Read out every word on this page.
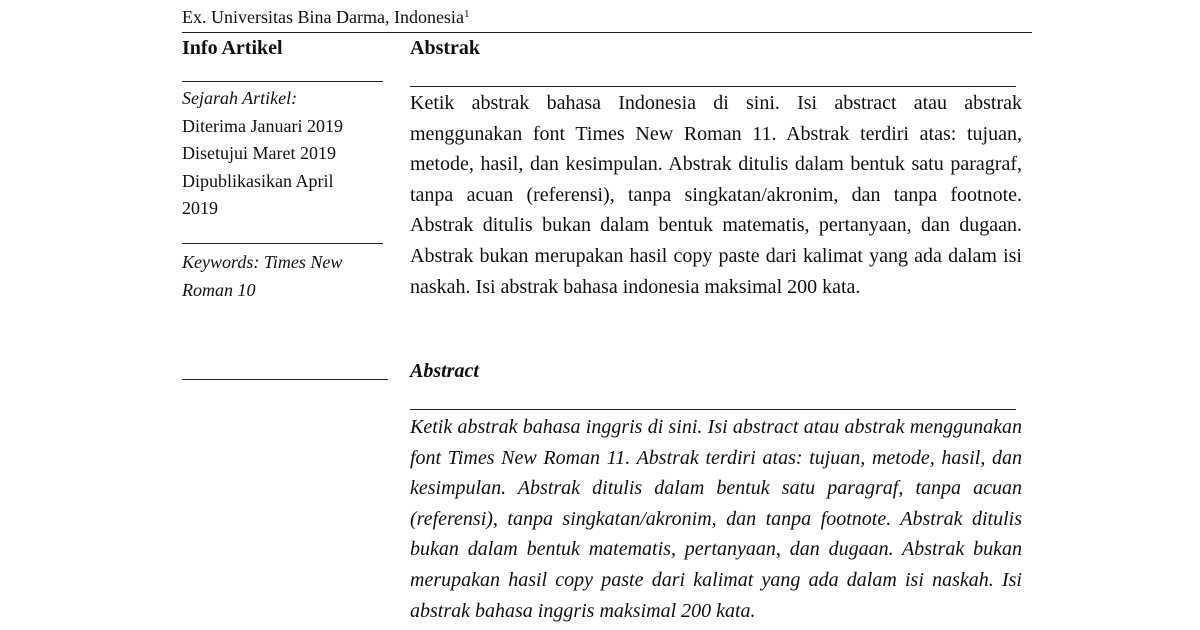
Ex. Universitas Bina Darma, Indonesia$^1$

Info Artikel

Sejarah Artikel:

Diterima Januari 2019

Disetujui Maret 2019

Dipublikasikan April

2019

Keywords: Times New

Roman 10

Abstrak

Ketik abstrak bahasa Indonesia di sini. Isi abstract atau abstrak menggunakan font Times New Roman 11. Abstrak terdiri atas: tujuan, metode, hasil, dan kesimpulan. Abstrak ditulis dalam bentuk satu paragraf, tanpa acuan (referensi), tanpa singkatan/akronim, dan tanpa footnote. Abstrak ditulis bukan dalam bentuk matematis, pertanyaan, dan dugaan. Abstrak bukan merupakan hasil copy paste dari kalimat yang ada dalam isi naskah. Isi abstrak bahasa indonesia maksimal 200 kata.

Abstract

Ketik abstrak bahasa inggris di sini. Isi abstract atau abstrak menggunakan font Times New Roman 11. Abstrak terdiri atas: tujuan, metode, hasil, dan kesimpulan. Abstrak ditulis dalam bentuk satu paragraf, tanpa acuan (referensi), tanpa singkatan/akronim, dan tanpa footnote. Abstrak ditulis bukan dalam bentuk matematis, pertanyaan, dan dugaan. Abstrak bukan merupakan hasil copy paste dari kalimat yang ada dalam isi naskah. Isi abstrak bahasa inggris maksimal 200 kata.
